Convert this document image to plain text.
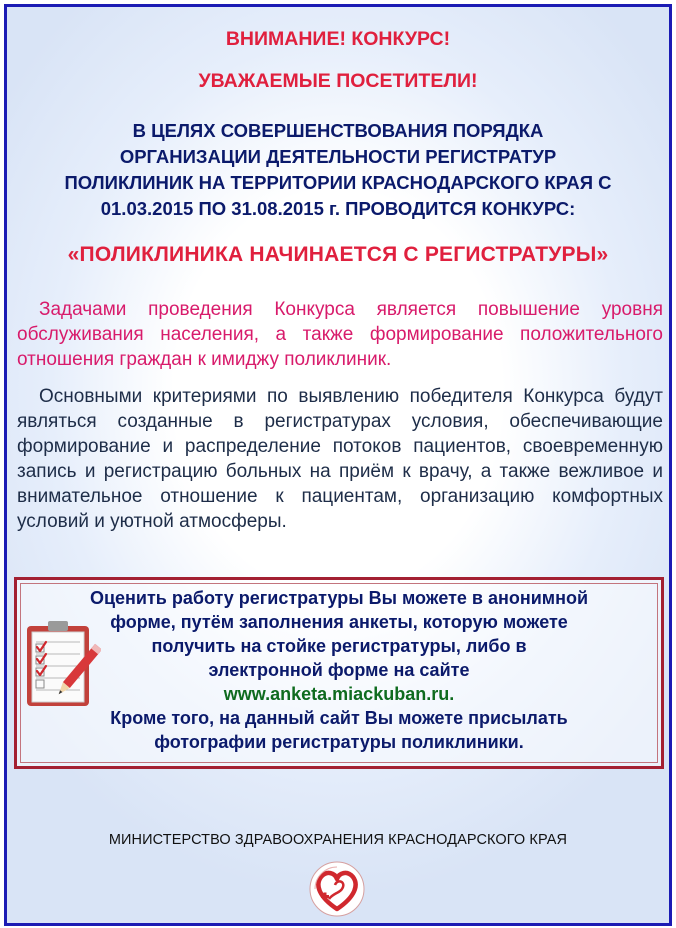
ВНИМАНИЕ! КОНКУРС!

УВАЖАЕМЫЕ ПОСЕТИТЕЛИ!

В ЦЕЛЯХ СОВЕРШЕНСТВОВАНИЯ ПОРЯДКА
ОРГАНИЗАЦИИ ДЕЯТЕЛЬНОСТИ РЕГИСТРАТУР
ПОЛИКЛИНИК НА ТЕРРИТОРИИ КРАСНОДАРСКОГО КРАЯ С
01.03.2015 ПО 31.08.2015 г. ПРОВОДИТСЯ КОНКУРС:

«ПОЛИКЛИНИКА НАЧИНАЕТСЯ С РЕГИСТРАТУРЫ»

Задачами проведения Конкурса является повышение уровня обслуживания населения, а также формирование положительного отношения граждан к имиджу поликлиник.

Основными критериями по выявлению победителя Конкурса будут являться созданные в регистратурах условия, обеспечивающие формирование и распределение потоков пациентов, своевременную запись и регистрацию больных на приём к врачу, а также вежливое и внимательное отношение к пациентам, организацию комфортных условий и уютной атмосферы.

Оценить работу регистратуры Вы можете в анонимной
форме, путём заполнения анкеты, которую можете
получить на стойке регистратуры, либо в
электронной форме на сайте
www.anketa.miackuban.ru.
Кроме того, на данный сайт Вы можете присылать
фотографии регистратуры поликлиники.

МИНИСТЕРСТВО ЗДРАВООХРАНЕНИЯ КРАСНОДАРСКОГО КРАЯ
